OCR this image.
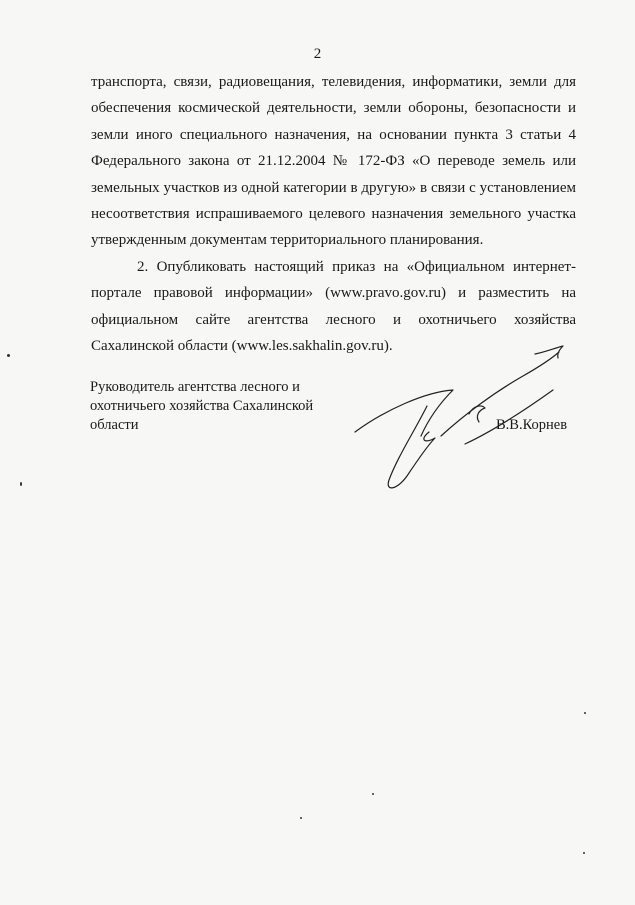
2

транспорта, связи, радиовещания, телевидения, информатики, земли для обеспечения космической деятельности, земли обороны, безопасности и земли иного специального назначения, на основании пункта 3 статьи 4 Федерального закона от 21.12.2004 № 172-ФЗ «О переводе земель или земельных участков из одной категории в другую» в связи с установлением несоответствия испрашиваемого целевого назначения земельного участка утвержденным документам территориального планирования.

2. Опубликовать настоящий приказ на «Официальном интернет-портале правовой информации» (www.pravo.gov.ru) и разместить на официальном сайте агентства лесного и охотничьего хозяйства Сахалинской области (www.les.sakhalin.gov.ru).

Руководитель агентства лесного и
охотничьего хозяйства Сахалинской
области	В.В.Корнев
